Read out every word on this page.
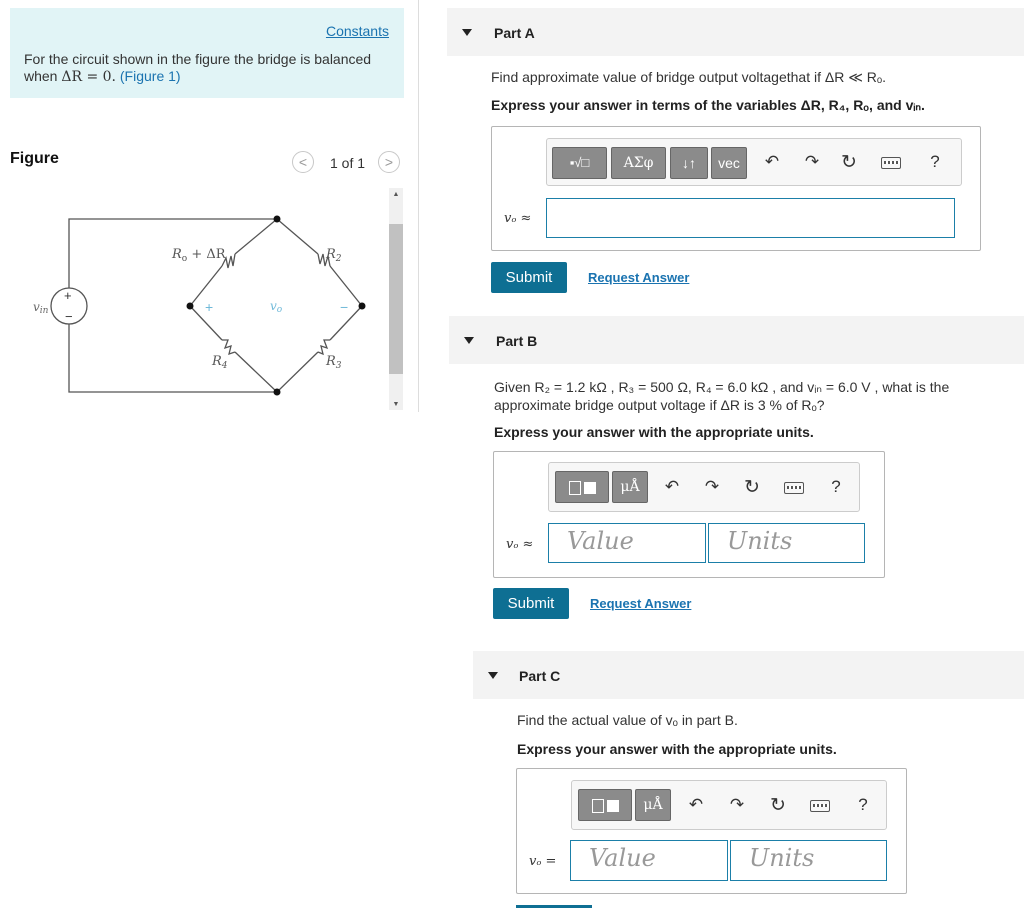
Constants
For the circuit shown in the figure the bridge is balanced when ΔR = 0. (Figure 1)
Figure	<	1 of 1	>
+
−
vin
$R_o + \Delta R$	$R_2$
$R_4$	$R_3$
+	−
vo
▲
▼
Part A
Find approximate value of bridge output voltagethat if ΔR ≪ Rₒ.
Express your answer in terms of the variables ΔR, R₄, Rₒ, and vᵢₙ.
▪√□	ΑΣφ	↓↑	vec	↶ ↷ ↻	?
vₒ ≈
Submit	Request Answer
Part B
Given R₂ = 1.2 kΩ , R₃ = 500 Ω, R₄ = 6.0 kΩ , and vᵢₙ = 6.0 V , what is the
approximate bridge output voltage if ΔR is 3 % of Rₒ?
Express your answer with the appropriate units.
μÅ	↶ ↷ ↻	?
vₒ ≈ Value	Units
Submit	Request Answer
Part C
Find the actual value of vₒ in part B.
Express your answer with the appropriate units.
μÅ	↶ ↷ ↻	?
vₒ = Value	Units
